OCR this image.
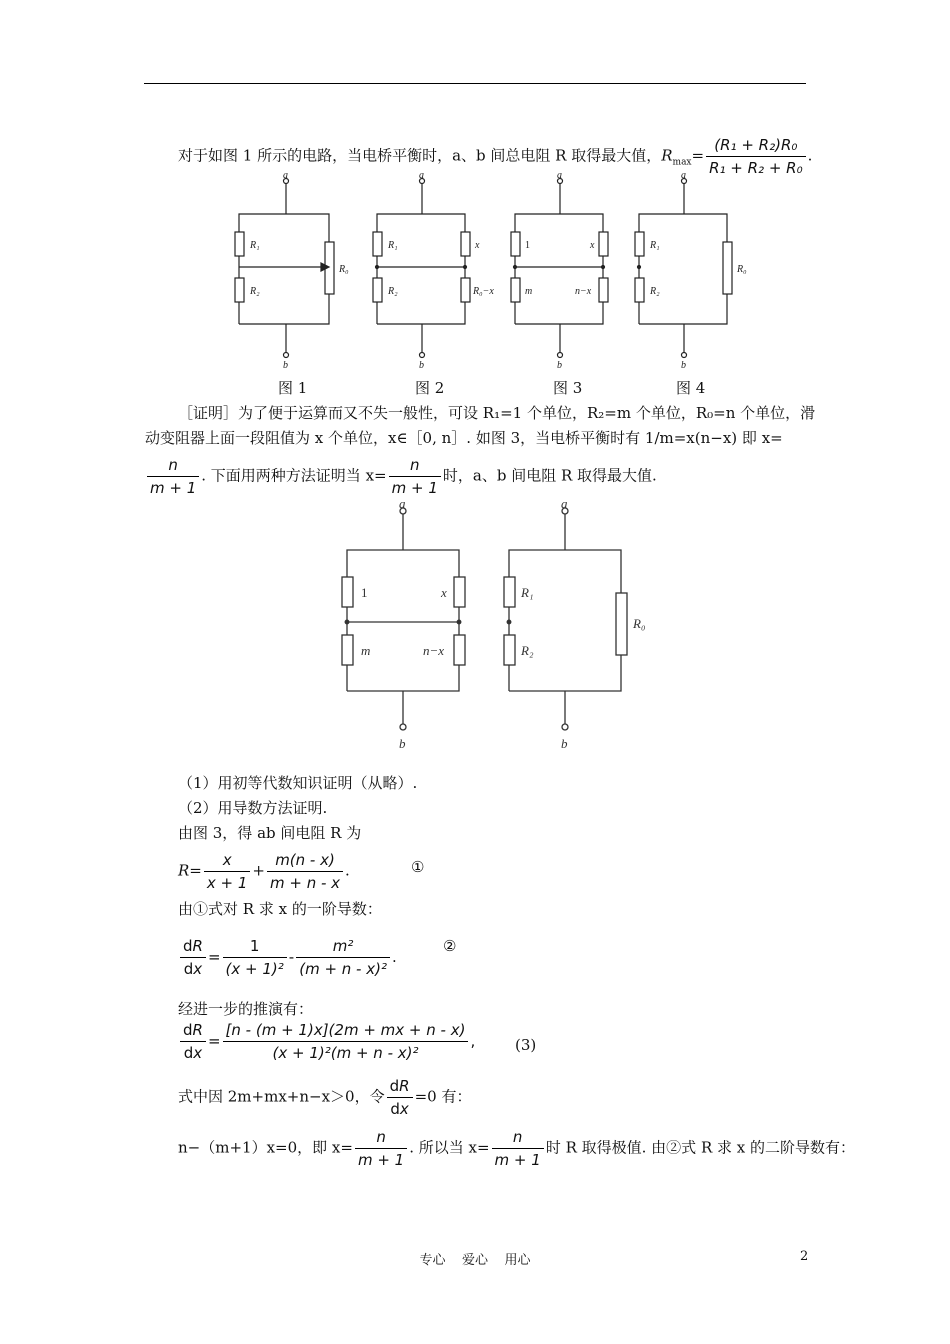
对于如图 1 所示的电路，当电桥平衡时，a、b 间总电阻 R 取得最大值，$R_{max}= \frac{\text{(R₁ + R₂)R₀}}{\text{R₁ + R₂ + R₀}}$ .
a
b
R₁
R₂
R₀
a
b
R₁
R₂
x
R₀−x
a
b
1
m
x
n−x
a
b
R₁
R₂
R₀
图 1	图 2	图 3	图 4
［证明］为了便于运算而又不失一般性，可设 R₁=1 个单位，R₂=m 个单位，R₀=n 个单位，滑
动变阻器上面一段阻值为 x 个单位，x∈［0, n］. 如图 3，当电桥平衡时有 1/m=x(n−x) 即 x=
$\frac{n}{m + 1}$ . 下面用两种方法证明当 $x= \frac{n}{m + 1}$ 时，a、b 间电阻 R 取得最大值.
a
b
1
m
x
n−x
a
b
R₁
R₂
R₀
（1）用初等代数知识证明（从略）.
（2）用导数方法证明.
由图 3，得 ab 间电阻 R 为
$R= \frac{x}{x + 1} + \frac{m(n - x)}{m + n - x}$ .	①
由①式对 R 求 x 的一阶导数：
$\frac{dR}{dx} = \frac{1}{\text{(x + 1)²}} - \frac{\text{m²}}{\text{(m + n - x)²}}$ .
②
经进一步的推演有：
$\frac{dR}{dx} = \frac{[n - (m + 1)x](2m + mx + n - x)}{\text{(x + 1)²(m + n - x)²}}$ ,	(3)
式中因 2m+mx+n−x＞0，令 $\frac{dR}{dx} =0$ 有：
n−（m+1）x=0，即 $x= \frac{n}{m + 1}$ . 所以当 $x= \frac{n}{m + 1}$ 时 R 取得极值. 由②式 R 求 x 的二阶导数有：
专心    爱心    用心	2
